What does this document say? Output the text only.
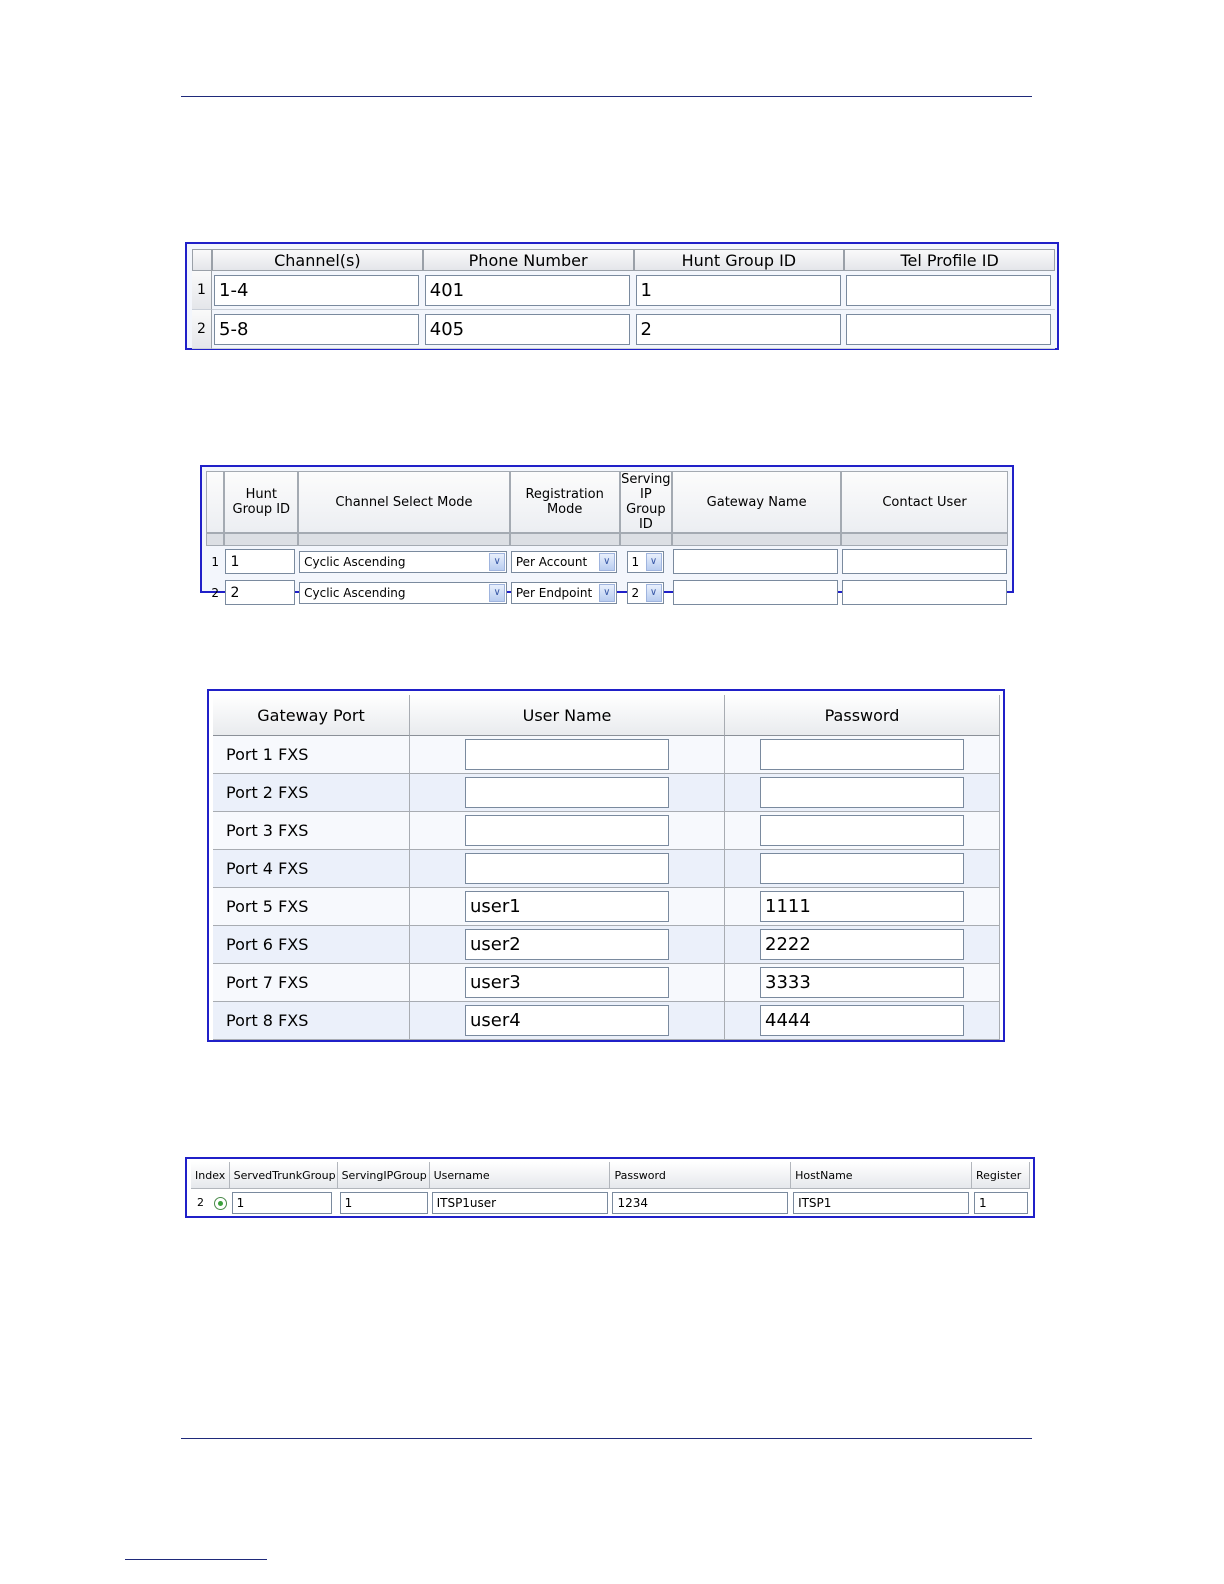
	Channel(s)	Phone Number	Hunt Group ID	Tel Profile ID
1	1-4	401	1	
2	5-8	405	2	
	Hunt
Group ID	Channel Select Mode	Registration
Mode	Serving
IP
Group
ID	Gateway Name	Contact User

1	1	Cyclic Ascending ∨	Per Account ∨	1 ∨

2	2	Cyclic Ascending ∨	Per Endpoint ∨	2 ∨

Gateway Port	User Name	Password
Port 1 FXS		
Port 2 FXS		
Port 3 FXS		
Port 4 FXS		
Port 5 FXS	user1	1111
Port 6 FXS	user2	2222
Port 7 FXS	user3	3333
Port 8 FXS	user4	4444
Index	ServedTrunkGroup	ServingIPGroup	Username	Password	HostName	Register
2	1	1	ITSP1user	1234	ITSP1	1
